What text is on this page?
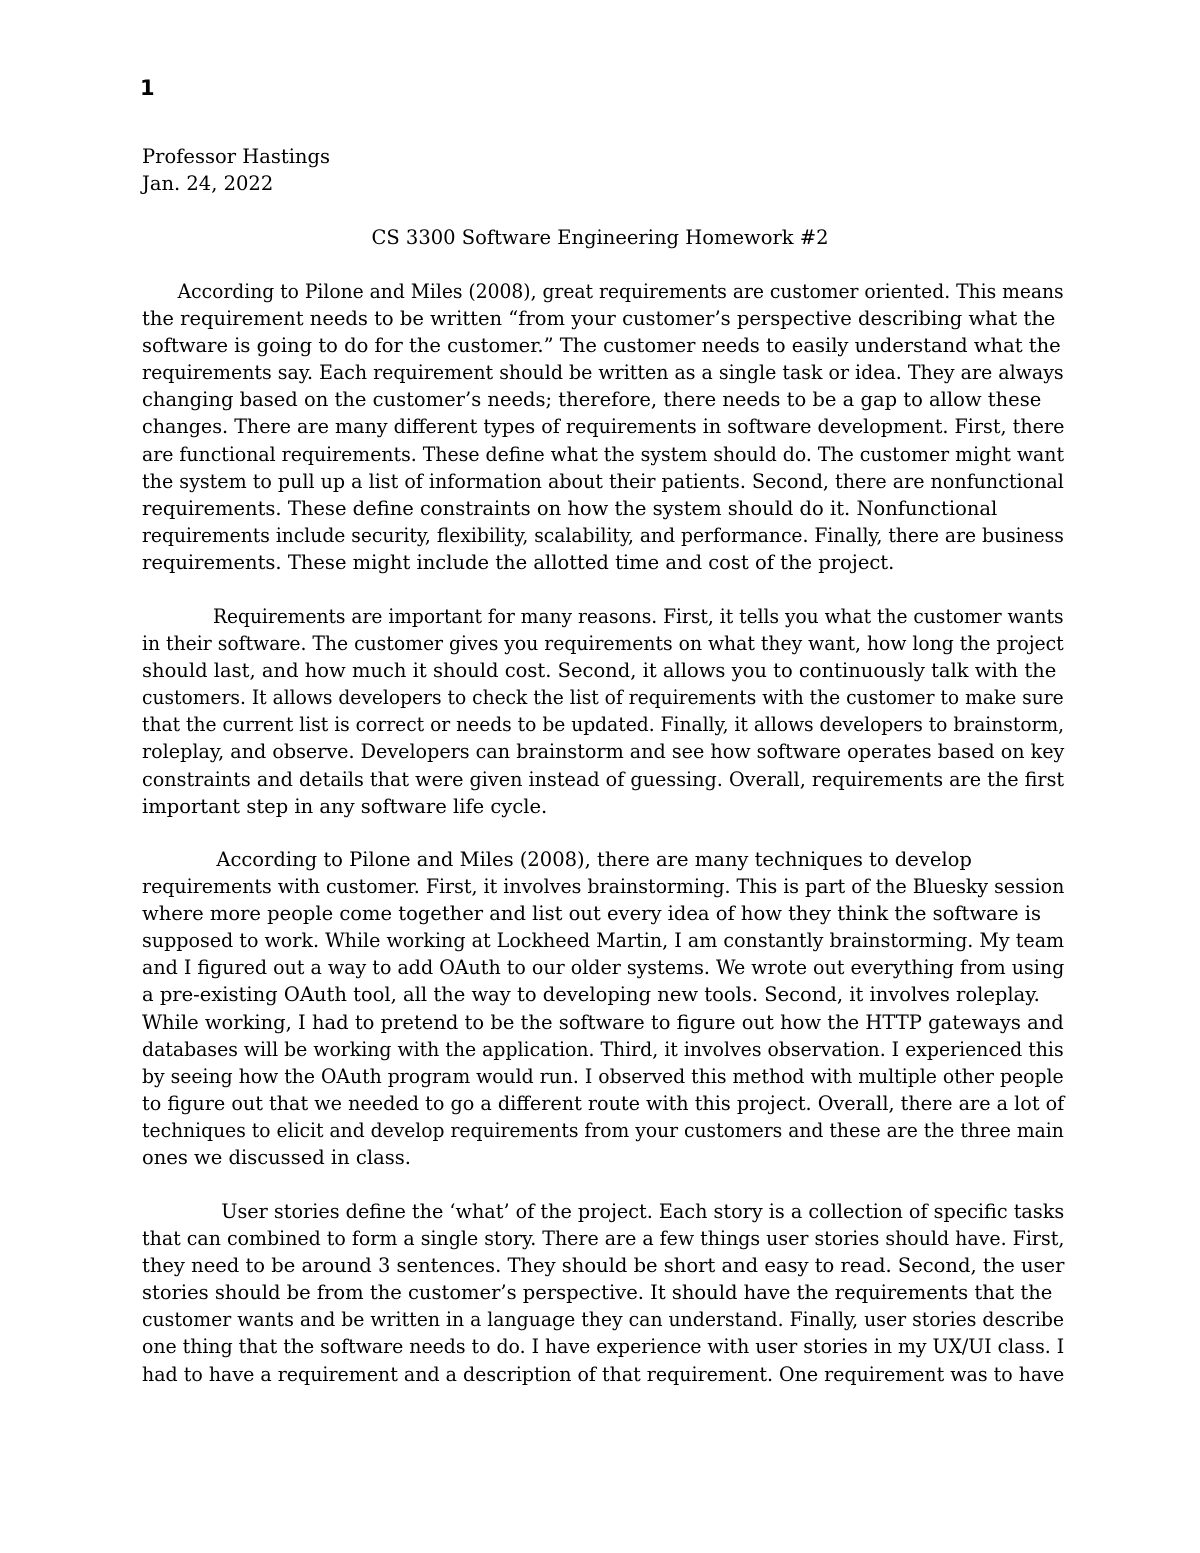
1
Professor Hastings
Jan. 24, 2022
CS 3300 Software Engineering Homework #2
According to Pilone and Miles (2008), great requirements are customer oriented. This means
the requirement needs to be written “from your customer’s perspective describing what the
software is going to do for the customer.” The customer needs to easily understand what the
requirements say. Each requirement should be written as a single task or idea. They are always
changing based on the customer’s needs; therefore, there needs to be a gap to allow these
changes. There are many different types of requirements in software development. First, there
are functional requirements. These define what the system should do. The customer might want
the system to pull up a list of information about their patients. Second, there are nonfunctional
requirements. These define constraints on how the system should do it. Nonfunctional
requirements include security, flexibility, scalability, and performance. Finally, there are business
requirements. These might include the allotted time and cost of the project.
Requirements are important for many reasons. First, it tells you what the customer wants
in their software. The customer gives you requirements on what they want, how long the project
should last, and how much it should cost. Second, it allows you to continuously talk with the
customers. It allows developers to check the list of requirements with the customer to make sure
that the current list is correct or needs to be updated. Finally, it allows developers to brainstorm,
roleplay, and observe. Developers can brainstorm and see how software operates based on key
constraints and details that were given instead of guessing. Overall, requirements are the first
important step in any software life cycle.
According to Pilone and Miles (2008), there are many techniques to develop
requirements with customer. First, it involves brainstorming. This is part of the Bluesky session
where more people come together and list out every idea of how they think the software is
supposed to work. While working at Lockheed Martin, I am constantly brainstorming. My team
and I figured out a way to add OAuth to our older systems. We wrote out everything from using
a pre-existing OAuth tool, all the way to developing new tools. Second, it involves roleplay.
While working, I had to pretend to be the software to figure out how the HTTP gateways and
databases will be working with the application. Third, it involves observation. I experienced this
by seeing how the OAuth program would run. I observed this method with multiple other people
to figure out that we needed to go a different route with this project. Overall, there are a lot of
techniques to elicit and develop requirements from your customers and these are the three main
ones we discussed in class.
User stories define the ‘what’ of the project. Each story is a collection of specific tasks
that can combined to form a single story. There are a few things user stories should have. First,
they need to be around 3 sentences. They should be short and easy to read. Second, the user
stories should be from the customer’s perspective. It should have the requirements that the
customer wants and be written in a language they can understand. Finally, user stories describe
one thing that the software needs to do. I have experience with user stories in my UX/UI class. I
had to have a requirement and a description of that requirement. One requirement was to have
